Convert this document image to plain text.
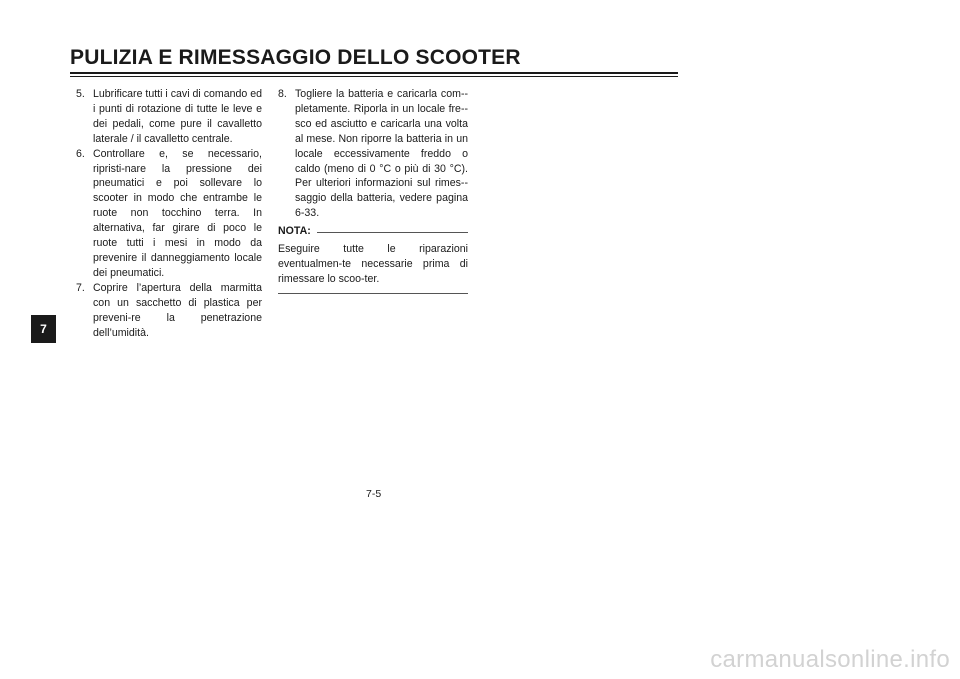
PULIZIA E RIMESSAGGIO DELLO SCOOTER
5. Lubrificare tutti i cavi di comando ed i punti di rotazione di tutte le leve e dei pedali, come pure il cavalletto laterale / il cavalletto centrale.
6. Controllare e, se necessario, ripristi-nare la pressione dei pneumatici e poi sollevare lo scooter in modo che entrambe le ruote non tocchino terra. In alternativa, far girare di poco le ruote tutti i mesi in modo da prevenire il danneggiamento locale dei pneumatici.
7. Coprire l’apertura della marmitta con un sacchetto di plastica per preveni-re la penetrazione dell’umidità.
8. Togliere la batteria e caricarla com-pletamente. Riporla in un locale fre-sco ed asciutto e caricarla una volta al mese. Non riporre la batteria in un locale eccessivamente freddo o caldo (meno di 0 °C o più di 30 °C). Per ulteriori informazioni sul rimes-saggio della batteria, vedere pagina 6-33.
NOTA:
Eseguire tutte le riparazioni eventualmen-te necessarie prima di rimessare lo scoo-ter.
7
7-5
carmanualsonline.info
